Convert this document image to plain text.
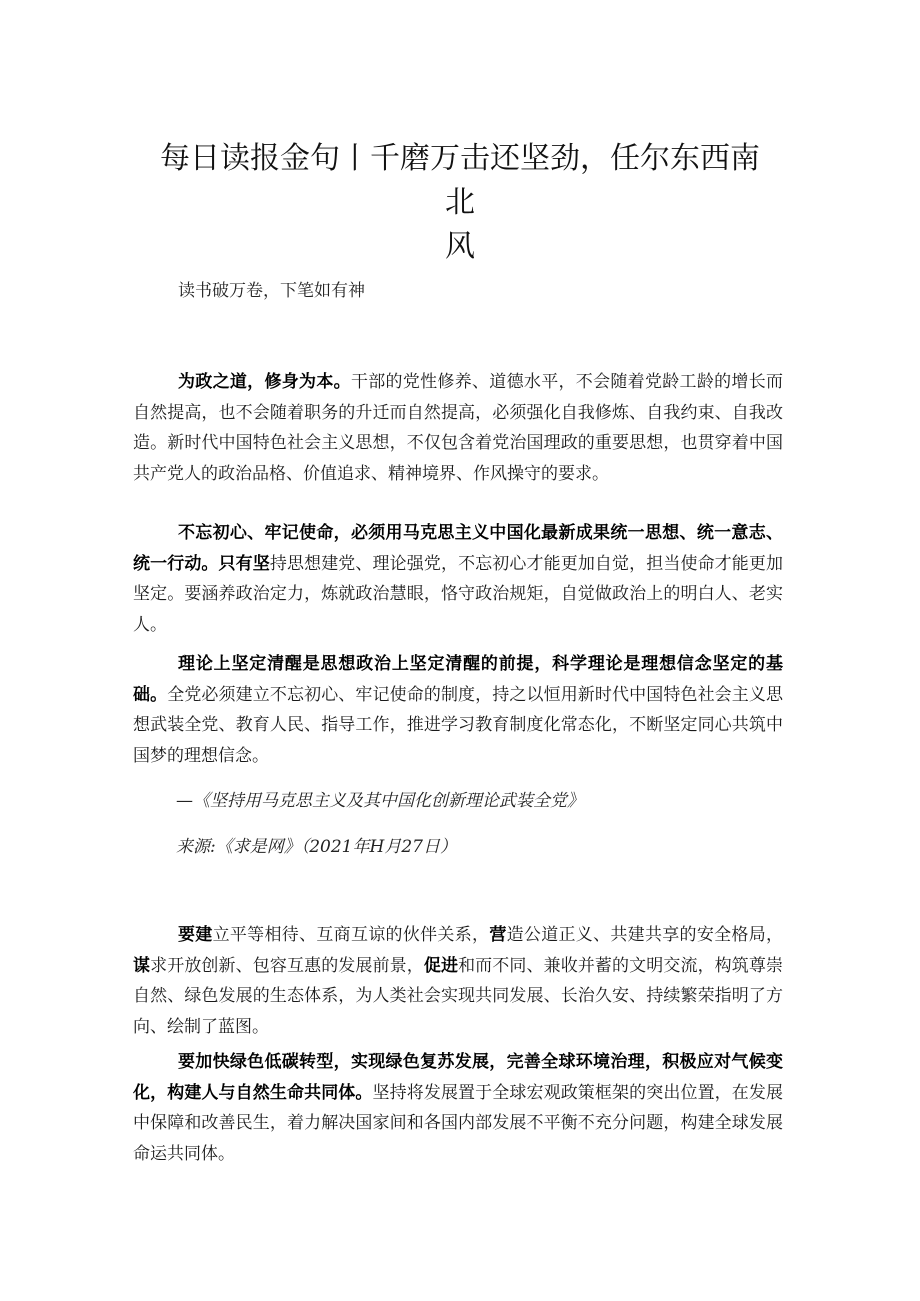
每日读报金句丨千磨万击还坚劲，任尔东西南
北
风

读书破万卷，下笔如有神

为政之道，修身为本。干部的党性修养、道德水平，不会随着党龄工龄的增长而自然提高，也不会随着职务的升迁而自然提高，必须强化自我修炼、自我约束、自我改造。新时代中国特色社会主义思想，不仅包含着党治国理政的重要思想，也贯穿着中国共产党人的政治品格、价值追求、精神境界、作风操守的要求。

不忘初心、牢记使命，必须用马克思主义中国化最新成果统一思想、统一意志、统一行动。只有坚持思想建党、理论强党，不忘初心才能更加自觉，担当使命才能更加坚定。要涵养政治定力，炼就政治慧眼，恪守政治规矩，自觉做政治上的明白人、老实人。

理论上坚定清醒是思想政治上坚定清醒的前提，科学理论是理想信念坚定的基础。全党必须建立不忘初心、牢记使命的制度，持之以恒用新时代中国特色社会主义思想武装全党、教育人民、指导工作，推进学习教育制度化常态化，不断坚定同心共筑中国梦的理想信念。

—《坚持用马克思主义及其中国化创新理论武装全党》

来源:《求是网》（2021年H月27日）

要建立平等相待、互商互谅的伙伴关系，营造公道正义、共建共享的安全格局，谋求开放创新、包容互惠的发展前景，促进和而不同、兼收并蓄的文明交流，构筑尊崇自然、绿色发展的生态体系，为人类社会实现共同发展、长治久安、持续繁荣指明了方向、绘制了蓝图。

要加快绿色低碳转型，实现绿色复苏发展，完善全球环境治理，积极应对气候变化，构建人与自然生命共同体。坚持将发展置于全球宏观政策框架的突出位置，在发展中保障和改善民生，着力解决国家间和各国内部发展不平衡不充分问题，构建全球发展命运共同体。
